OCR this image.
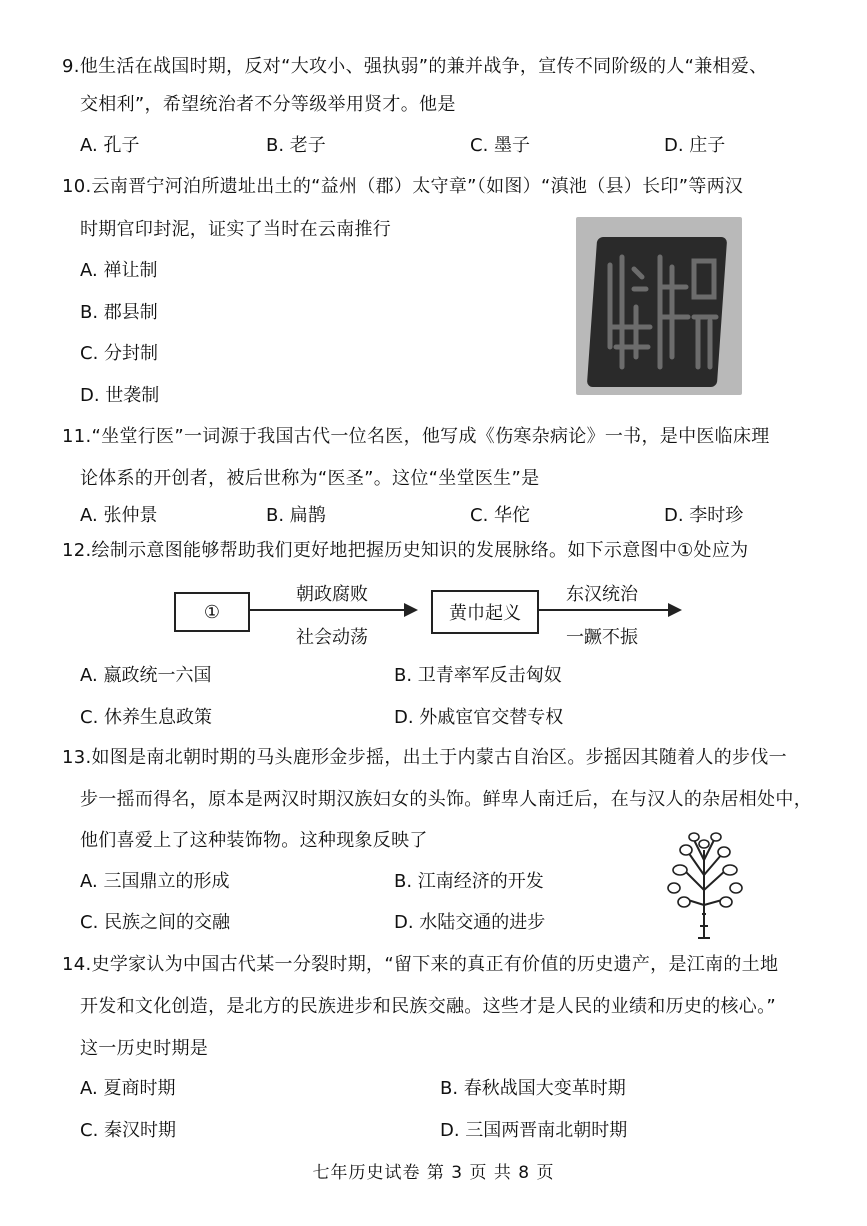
9.他生活在战国时期，反对“大攻小、强执弱”的兼并战争，宣传不同阶级的人“兼相爱、
交相利”，希望统治者不分等级举用贤才。他是
A. 孔子	B. 老子	C. 墨子	D. 庄子
10.云南晋宁河泊所遗址出土的“益州（郡）太守章”（如图）“滇池（县）长印”等两汉
时期官印封泥，证实了当时在云南推行
A. 禅让制
B. 郡县制
C. 分封制
D. 世袭制
11.“坐堂行医”一词源于我国古代一位名医，他写成《伤寒杂病论》一书，是中医临床理
论体系的开创者，被后世称为“医圣”。这位“坐堂医生”是
A. 张仲景	B. 扁鹊	C. 华佗	D. 李时珍
12.绘制示意图能够帮助我们更好地把握历史知识的发展脉络。如下示意图中①处应为
①
朝政腐败
社会动荡
黄巾起义
东汉统治
一蹶不振
A. 嬴政统一六国	B. 卫青率军反击匈奴
C. 休养生息政策	D. 外戚宦官交替专权
13.如图是南北朝时期的马头鹿形金步摇，出土于内蒙古自治区。步摇因其随着人的步伐一
步一摇而得名，原本是两汉时期汉族妇女的头饰。鲜卑人南迁后，在与汉人的杂居相处中，
他们喜爱上了这种装饰物。这种现象反映了
A. 三国鼎立的形成	B. 江南经济的开发
C. 民族之间的交融	D. 水陆交通的进步
14.史学家认为中国古代某一分裂时期，“留下来的真正有价值的历史遗产，是江南的土地
开发和文化创造，是北方的民族进步和民族交融。这些才是人民的业绩和历史的核心。”
这一历史时期是
A. 夏商时期	B. 春秋战国大变革时期
C. 秦汉时期	D. 三国两晋南北朝时期
七年历史试卷 第 3 页 共 8 页
